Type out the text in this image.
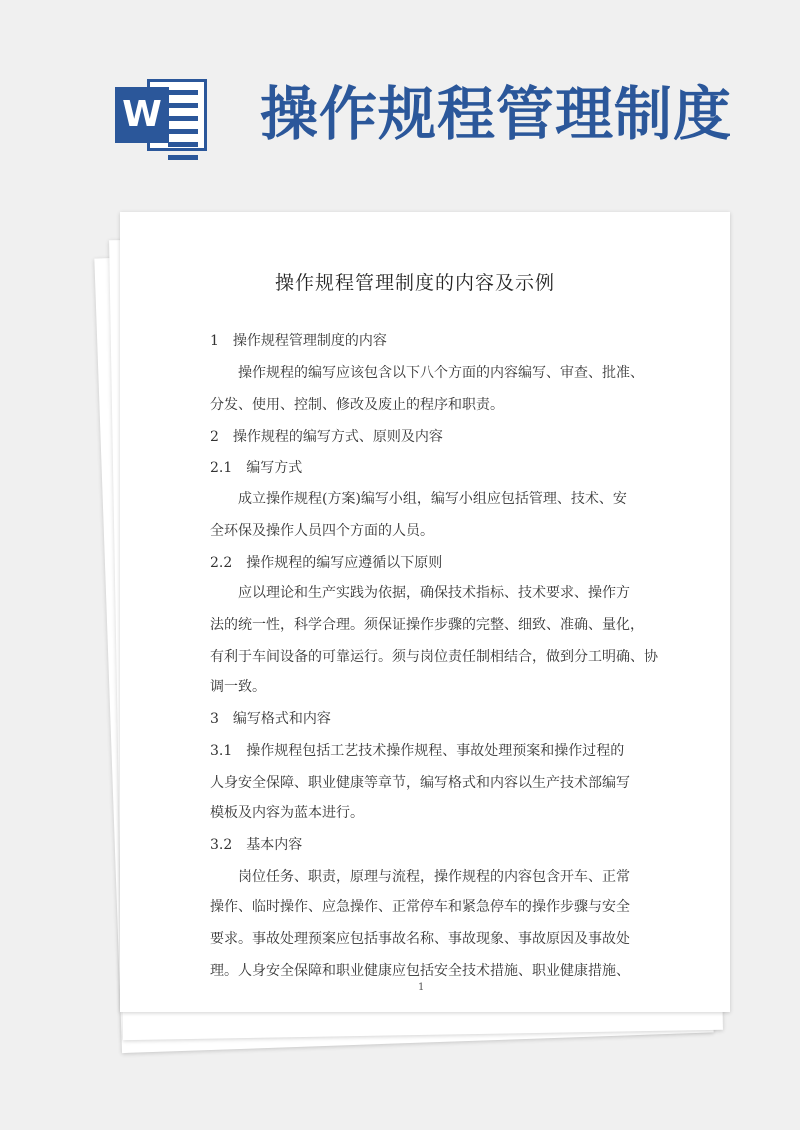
W 操作规程管理制度
操作规程管理制度的内容及示例
1　操作规程管理制度的内容
　　操作规程的编写应该包含以下八个方面的内容编写、审查、批准、
分发、使用、控制、修改及废止的程序和职责。
2　操作规程的编写方式、原则及内容
2.1　编写方式
　　成立操作规程(方案)编写小组，编写小组应包括管理、技术、安
全环保及操作人员四个方面的人员。
2.2　操作规程的编写应遵循以下原则
　　应以理论和生产实践为依据，确保技术指标、技术要求、操作方
法的统一性，科学合理。须保证操作步骤的完整、细致、准确、量化，
有利于车间设备的可靠运行。须与岗位责任制相结合，做到分工明确、协
调一致。
3　编写格式和内容
3.1　操作规程包括工艺技术操作规程、事故处理预案和操作过程的
人身安全保障、职业健康等章节，编写格式和内容以生产技术部编写
模板及内容为蓝本进行。
3.2　基本内容
　　岗位任务、职责，原理与流程，操作规程的内容包含开车、正常
操作、临时操作、应急操作、正常停车和紧急停车的操作步骤与安全
要求。事故处理预案应包括事故名称、事故现象、事故原因及事故处
理。人身安全保障和职业健康应包括安全技术措施、职业健康措施、
1
